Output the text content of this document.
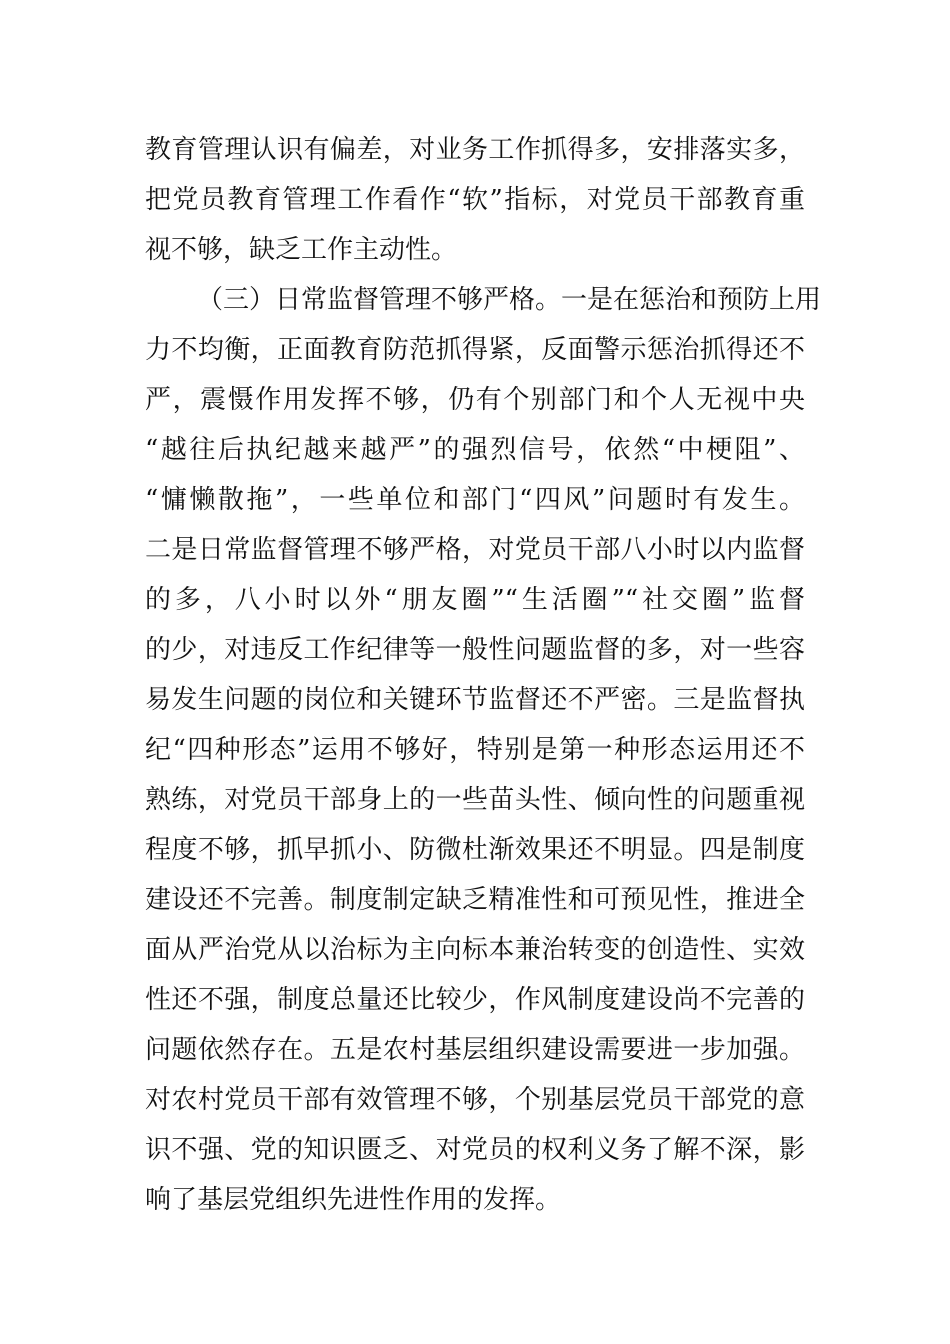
教育管理认识有偏差，对业务工作抓得多，安排落实多，
把党员教育管理工作看作“软”指标，对党员干部教育重
视不够，缺乏工作主动性。
（三）日常监督管理不够严格。一是在惩治和预防上用
力不均衡，正面教育防范抓得紧，反面警示惩治抓得还不
严，震慑作用发挥不够，仍有个别部门和个人无视中央
“越往后执纪越来越严”的强烈信号，依然“中梗阻”、
“慵懒散拖”，一些单位和部门“四风”问题时有发生。
二是日常监督管理不够严格，对党员干部八小时以内监督
的多，八小时以外“朋友圈”“生活圈”“社交圈”监督
的少，对违反工作纪律等一般性问题监督的多，对一些容
易发生问题的岗位和关键环节监督还不严密。三是监督执
纪“四种形态”运用不够好，特别是第一种形态运用还不
熟练，对党员干部身上的一些苗头性、倾向性的问题重视
程度不够，抓早抓小、防微杜渐效果还不明显。四是制度
建设还不完善。制度制定缺乏精准性和可预见性，推进全
面从严治党从以治标为主向标本兼治转变的创造性、实效
性还不强，制度总量还比较少，作风制度建设尚不完善的
问题依然存在。五是农村基层组织建设需要进一步加强。
对农村党员干部有效管理不够，个别基层党员干部党的意
识不强、党的知识匮乏、对党员的权利义务了解不深，影
响了基层党组织先进性作用的发挥。
